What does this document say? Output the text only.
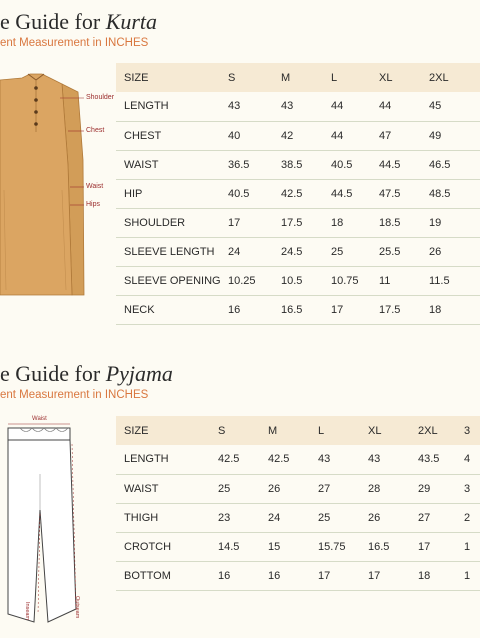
e Guide for Kurta
ent Measurement in INCHES
Shoulder
Chest
Waist
Hips
SIZE	S	M	L	XL	2XL
LENGTH	43	43	44	44	45
CHEST	40	42	44	47	49
WAIST	36.5	38.5	40.5	44.5	46.5
HIP	40.5	42.5	44.5	47.5	48.5
SHOULDER	17	17.5	18	18.5	19
SLEEVE LENGTH	24	24.5	25	25.5	26
SLEEVE OPENING	10.25	10.5	10.75	11	11.5
NECK	16	16.5	17	17.5	18
e Guide for Pyjama
ent Measurement in INCHES
Waist
Inseam	Outseam
SIZE	S	M	L	XL	2XL	3
LENGTH	42.5	42.5	43	43	43.5	4
WAIST	25	26	27	28	29	3
THIGH	23	24	25	26	27	2
CROTCH	14.5	15	15.75	16.5	17	1
BOTTOM	16	16	17	17	18	1
